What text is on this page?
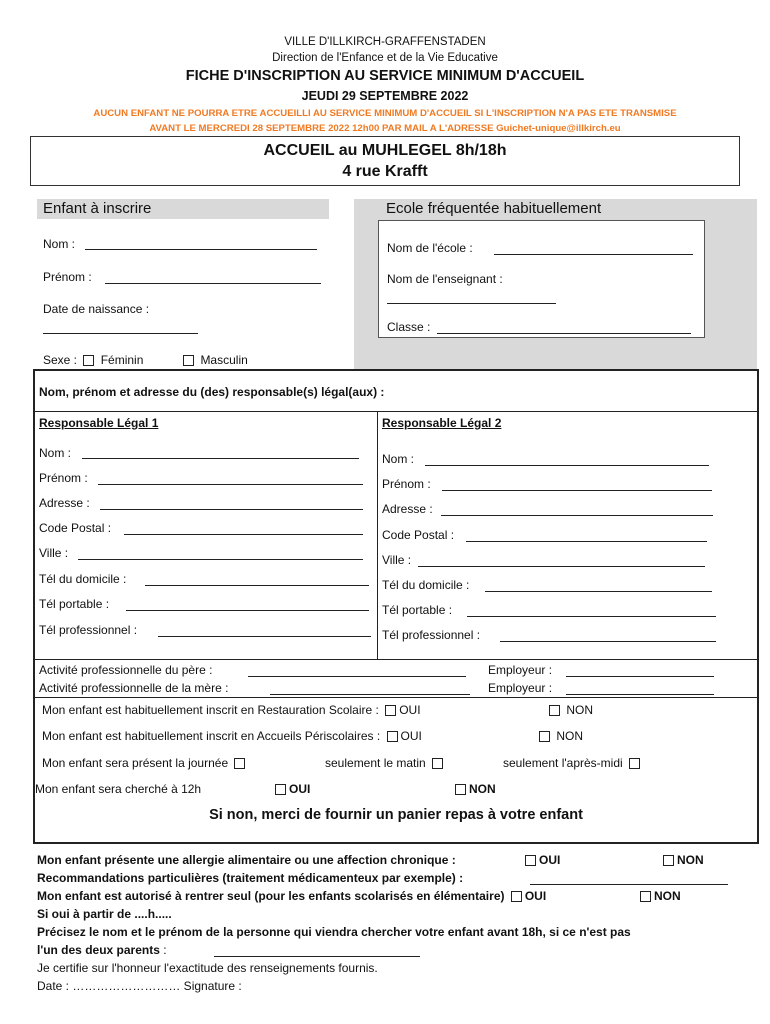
VILLE D'ILLKIRCH-GRAFFENSTADEN
Direction de l'Enfance et de la Vie Educative
FICHE D'INSCRIPTION AU SERVICE MINIMUM D'ACCUEIL
JEUDI 29 SEPTEMBRE 2022
AUCUN ENFANT NE POURRA ETRE ACCUEILLI AU SERVICE MINIMUM D'ACCUEIL SI L'INSCRIPTION N'A PAS ETE TRANSMISE
AVANT LE MERCREDI 28 SEPTEMBRE 2022 12h00 PAR MAIL A L'ADRESSE Guichet-unique@illkirch.eu
ACCUEIL au MUHLEGEL 8h/18h
4 rue Krafft
Enfant à inscrire
Nom :
Prénom :
Date de naissance :
Sexe : Féminin	Masculin
Ecole fréquentée habituellement
Nom de l'école :
Nom de l'enseignant :
Classe :
Nom, prénom et adresse du (des) responsable(s) légal(aux) :
Responsable Légal 1	Responsable Légal 2
Nom :
Prénom :
Adresse :
Code Postal :
Ville :
Tél du domicile :
Tél portable :
Tél professionnel :
Nom :
Prénom :
Adresse :
Code Postal :
Ville :
Tél du domicile :
Tél portable :
Tél professionnel :
Activité professionnelle du père :	Employeur :
Activité professionnelle de la mère :	Employeur :
Mon enfant est habituellement inscrit en Restauration Scolaire : OUI	NON
Mon enfant est habituellement inscrit en Accueils Périscolaires : OUI	NON
Mon enfant sera présent la journée	seulement le matin	seulement l'après-midi
Mon enfant sera cherché à 12h	OUI	NON
Si non, merci de fournir un panier repas à votre enfant
Mon enfant présente une allergie alimentaire ou une affection chronique :	OUI	NON
Recommandations particulières (traitement médicamenteux par exemple) :
Mon enfant est autorisé à rentrer seul (pour les enfants scolarisés en élémentaire) OUI	NON
Si oui à partir de ....h.....
Précisez le nom et le prénom de la personne qui viendra chercher votre enfant avant 18h, si ce n'est pas
l'un des deux parents :
Je certifie sur l'honneur l'exactitude des renseignements fournis.
Date : ……………………… Signature :
